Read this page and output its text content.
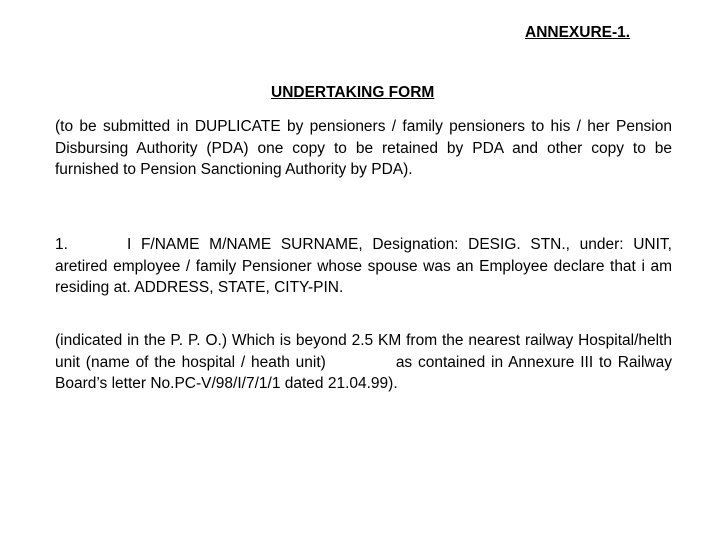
ANNEXURE-1.
UNDERTAKING FORM
(to be submitted in DUPLICATE by pensioners / family pensioners to his / her Pension Disbursing Authority (PDA) one copy to be retained by PDA and other copy to be furnished to Pension Sanctioning Authority by PDA).
1.	I F/NAME M/NAME SURNAME, Designation: DESIG. STN., under: UNIT, aretired employee / family Pensioner whose spouse was an Employee declare that i am residing at. ADDRESS, STATE, CITY-PIN.
(indicated in the P. P. O.) Which is beyond 2.5 KM from the nearest railway Hospital/helth unit (name of the hospital / heath unit)	as contained in Annexure III to Railway Board’s letter No.PC-V/98/I/7/1/1 dated 21.04.99).
